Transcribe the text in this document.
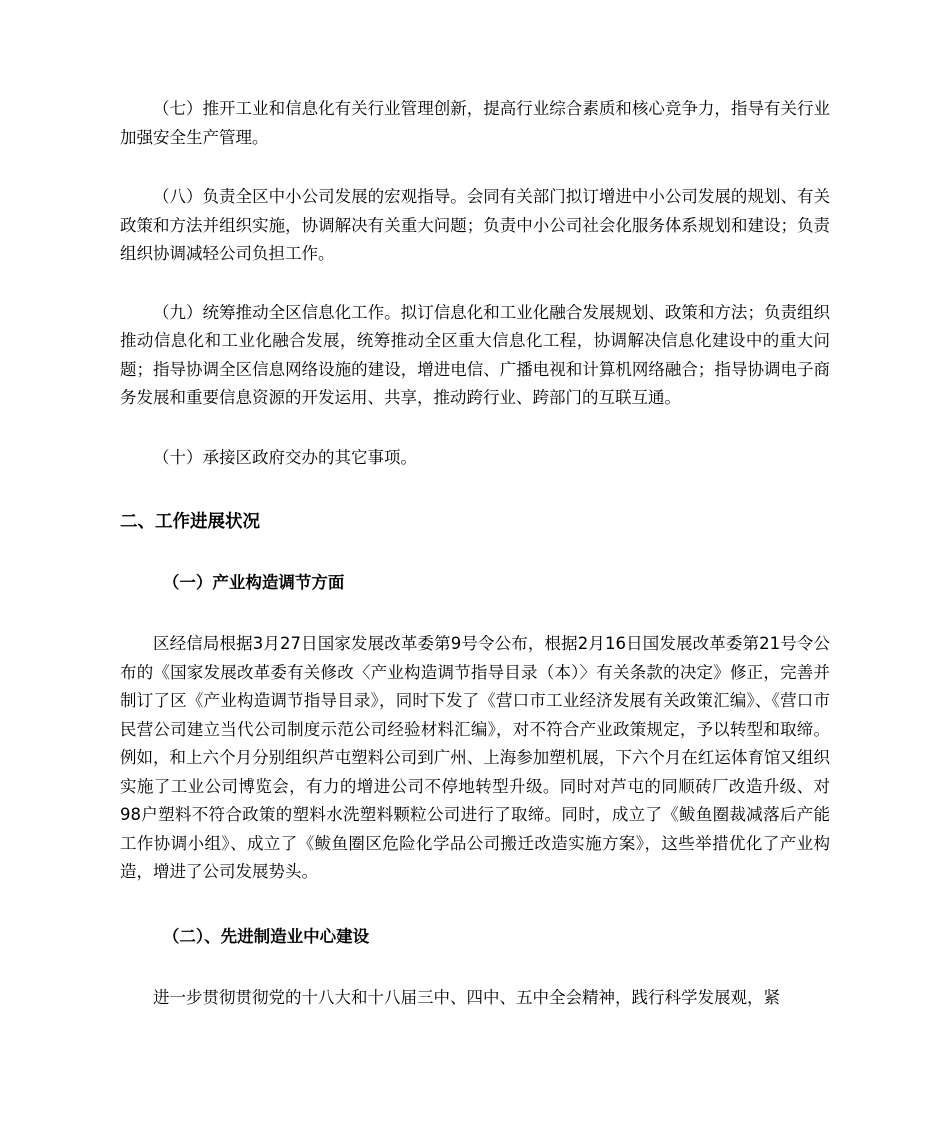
（七）推开工业和信息化有关行业管理创新，提高行业综合素质和核心竞争力，指导有关行业加强安全生产管理。

（八）负责全区中小公司发展的宏观指导。会同有关部门拟订增进中小公司发展的规划、有关政策和方法并组织实施，协调解决有关重大问题；负责中小公司社会化服务体系规划和建设；负责组织协调减轻公司负担工作。

（九）统筹推动全区信息化工作。拟订信息化和工业化融合发展规划、政策和方法；负责组织推动信息化和工业化融合发展，统筹推动全区重大信息化工程，协调解决信息化建设中的重大问题；指导协调全区信息网络设施的建设，增进电信、广播电视和计算机网络融合；指导协调电子商务发展和重要信息资源的开发运用、共享，推动跨行业、跨部门的互联互通。

（十）承接区政府交办的其它事项。

二、工作进展状况
（一）产业构造调节方面

区经信局根据3月27日国家发展改革委第9号令公布，根据2月16日国发展改革委第21号令公布的《国家发展改革委有关修改〈产业构造调节指导目录（本）〉有关条款的决定》修正，完善并制订了区《产业构造调节指导目录》，同时下发了《营口市工业经济发展有关政策汇编》、《营口市民营公司建立当代公司制度示范公司经验材料汇编》，对不符合产业政策规定，予以转型和取缔。例如，和上六个月分别组织芦屯塑料公司到广州、上海参加塑机展，下六个月在红运体育馆又组织实施了工业公司博览会，有力的增进公司不停地转型升级。同时对芦屯的同顺砖厂改造升级、对98户塑料不符合政策的塑料水洗塑料颗粒公司进行了取缔。同时，成立了《鲅鱼圈裁减落后产能工作协调小组》、成立了《鲅鱼圈区危险化学品公司搬迁改造实施方案》，这些举措优化了产业构造，增进了公司发展势头。

（二）、先进制造业中心建设

进一步贯彻贯彻党的十八大和十八届三中、四中、五中全会精神，践行科学发展观，紧
